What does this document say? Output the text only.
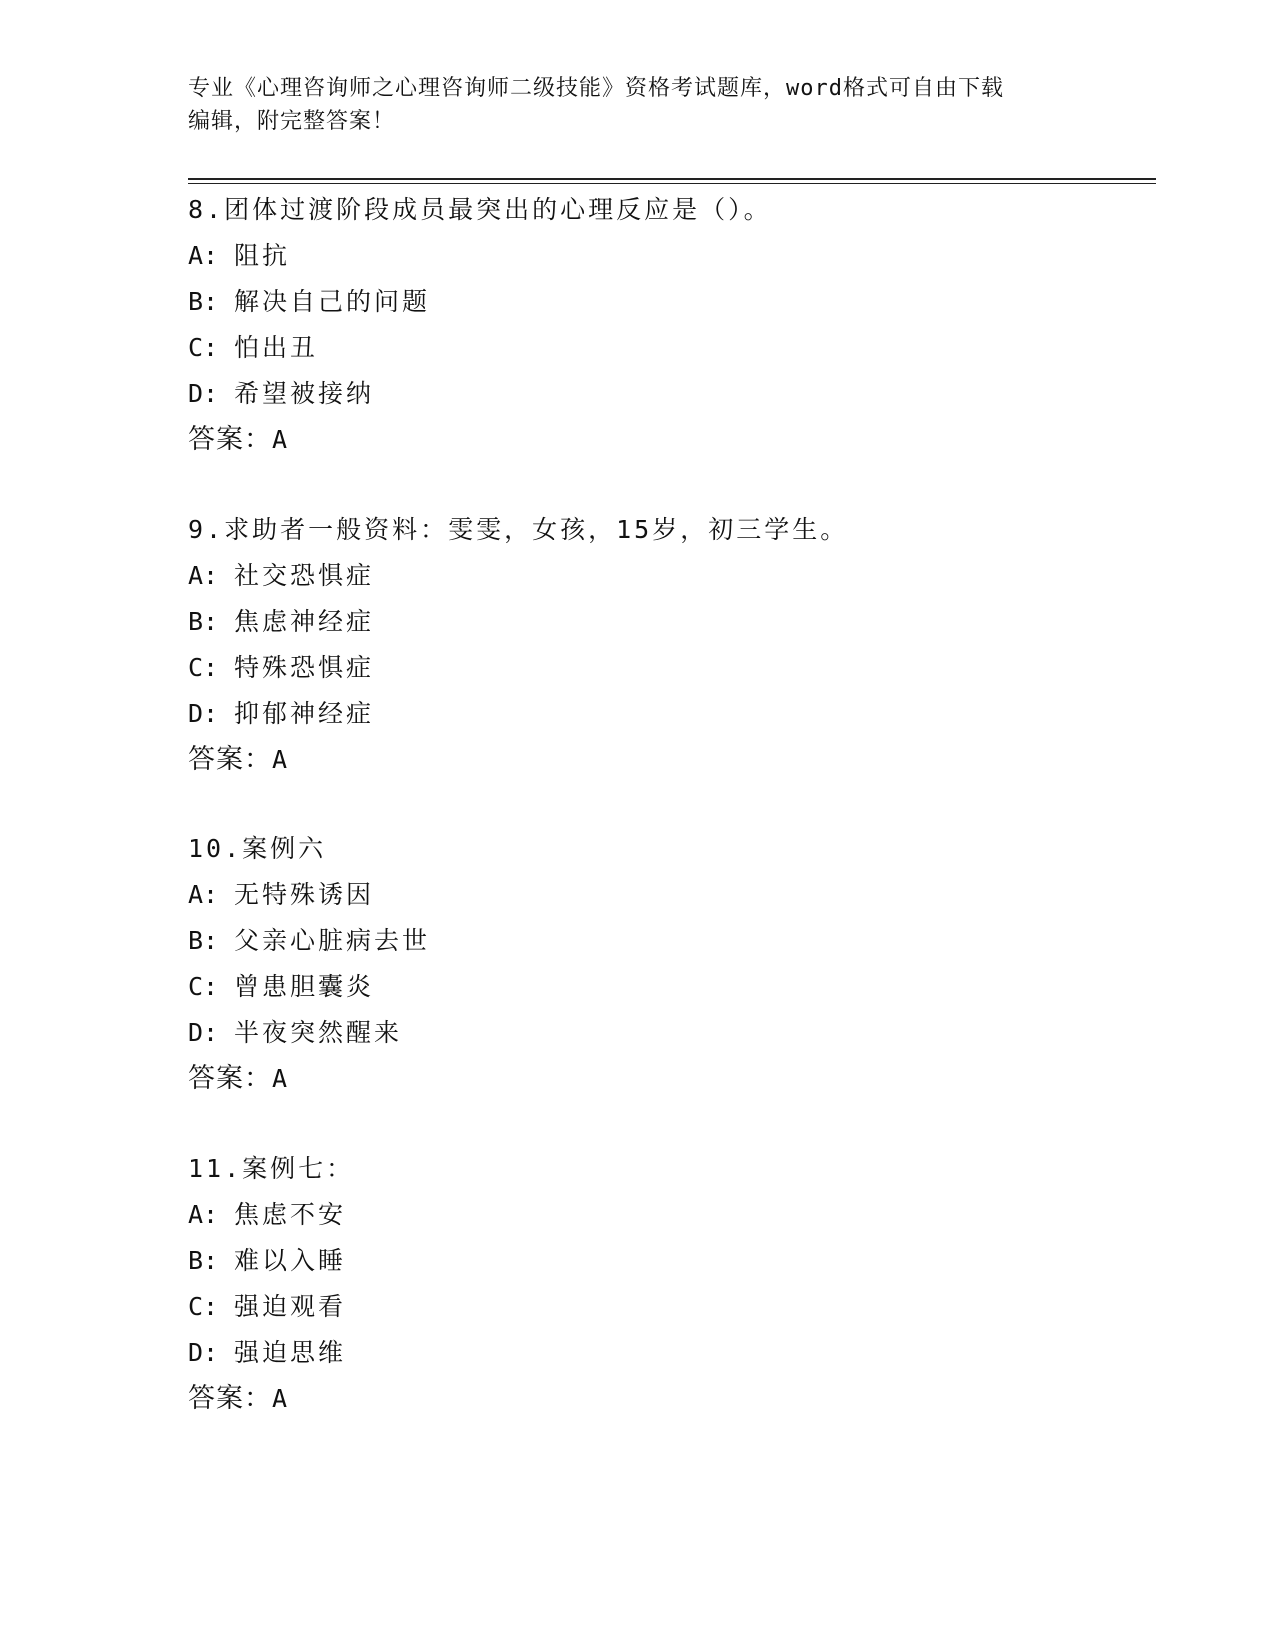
专业《心理咨询师之心理咨询师二级技能》资格考试题库，word格式可自由下载
编辑，附完整答案！
8.团体过渡阶段成员最突出的心理反应是（）。
A: 阻抗
B: 解决自己的问题
C: 怕出丑
D: 希望被接纳
答案：A
9.求助者一般资料：雯雯，女孩，15岁，初三学生。
A: 社交恐惧症
B: 焦虑神经症
C: 特殊恐惧症
D: 抑郁神经症
答案：A
10.案例六
A: 无特殊诱因
B: 父亲心脏病去世
C: 曾患胆囊炎
D: 半夜突然醒来
答案：A
11.案例七：
A: 焦虑不安
B: 难以入睡
C: 强迫观看
D: 强迫思维
答案：A
